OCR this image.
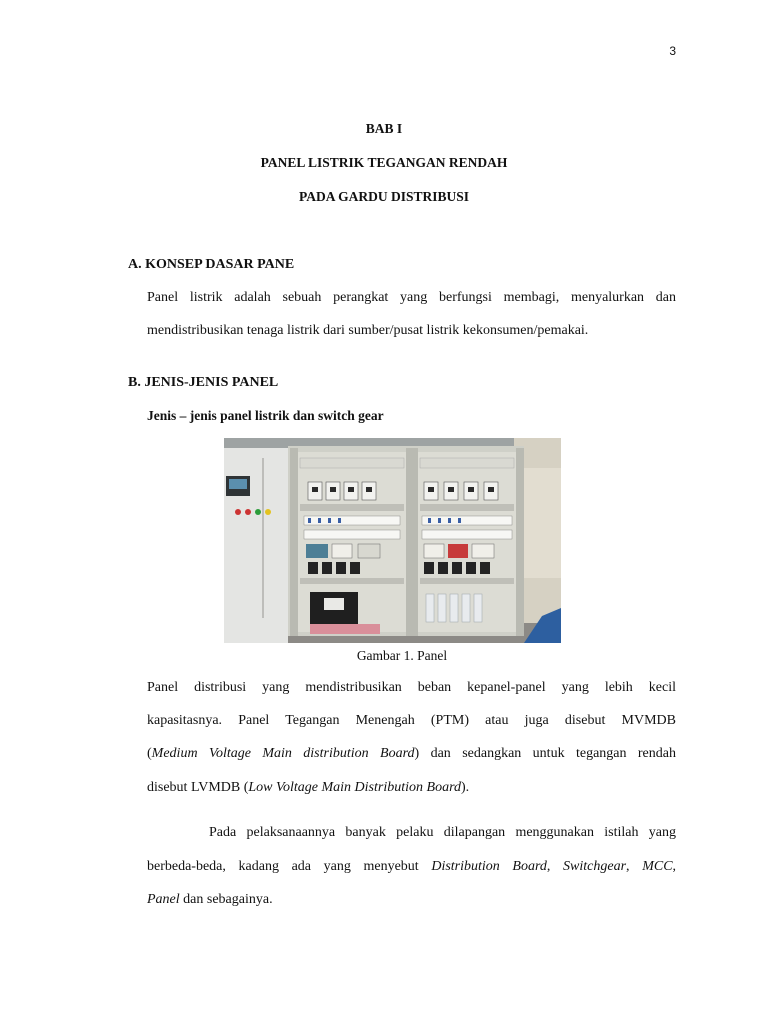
3
BAB I
PANEL LISTRIK TEGANGAN RENDAH
PADA GARDU DISTRIBUSI
A. KONSEP DASAR PANE
Panel listrik adalah sebuah perangkat yang berfungsi membagi, menyalurkan dan
mendistribusikan tenaga listrik dari sumber/pusat listrik kekonsumen/pemakai.
B. JENIS-JENIS PANEL
Jenis – jenis panel listrik dan switch gear
Gambar 1. Panel
Panel distribusi yang mendistribusikan beban kepanel-panel yang lebih kecil
kapasitasnya. Panel Tegangan Menengah (PTM) atau juga disebut MVMDB
(Medium Voltage Main distribution Board) dan sedangkan untuk tegangan rendah
disebut LVMDB (Low Voltage Main Distribution Board).
Pada pelaksanaannya banyak pelaku dilapangan menggunakan istilah yang
berbeda-beda, kadang ada yang menyebut Distribution Board, Switchgear, MCC,
Panel dan sebagainya.
